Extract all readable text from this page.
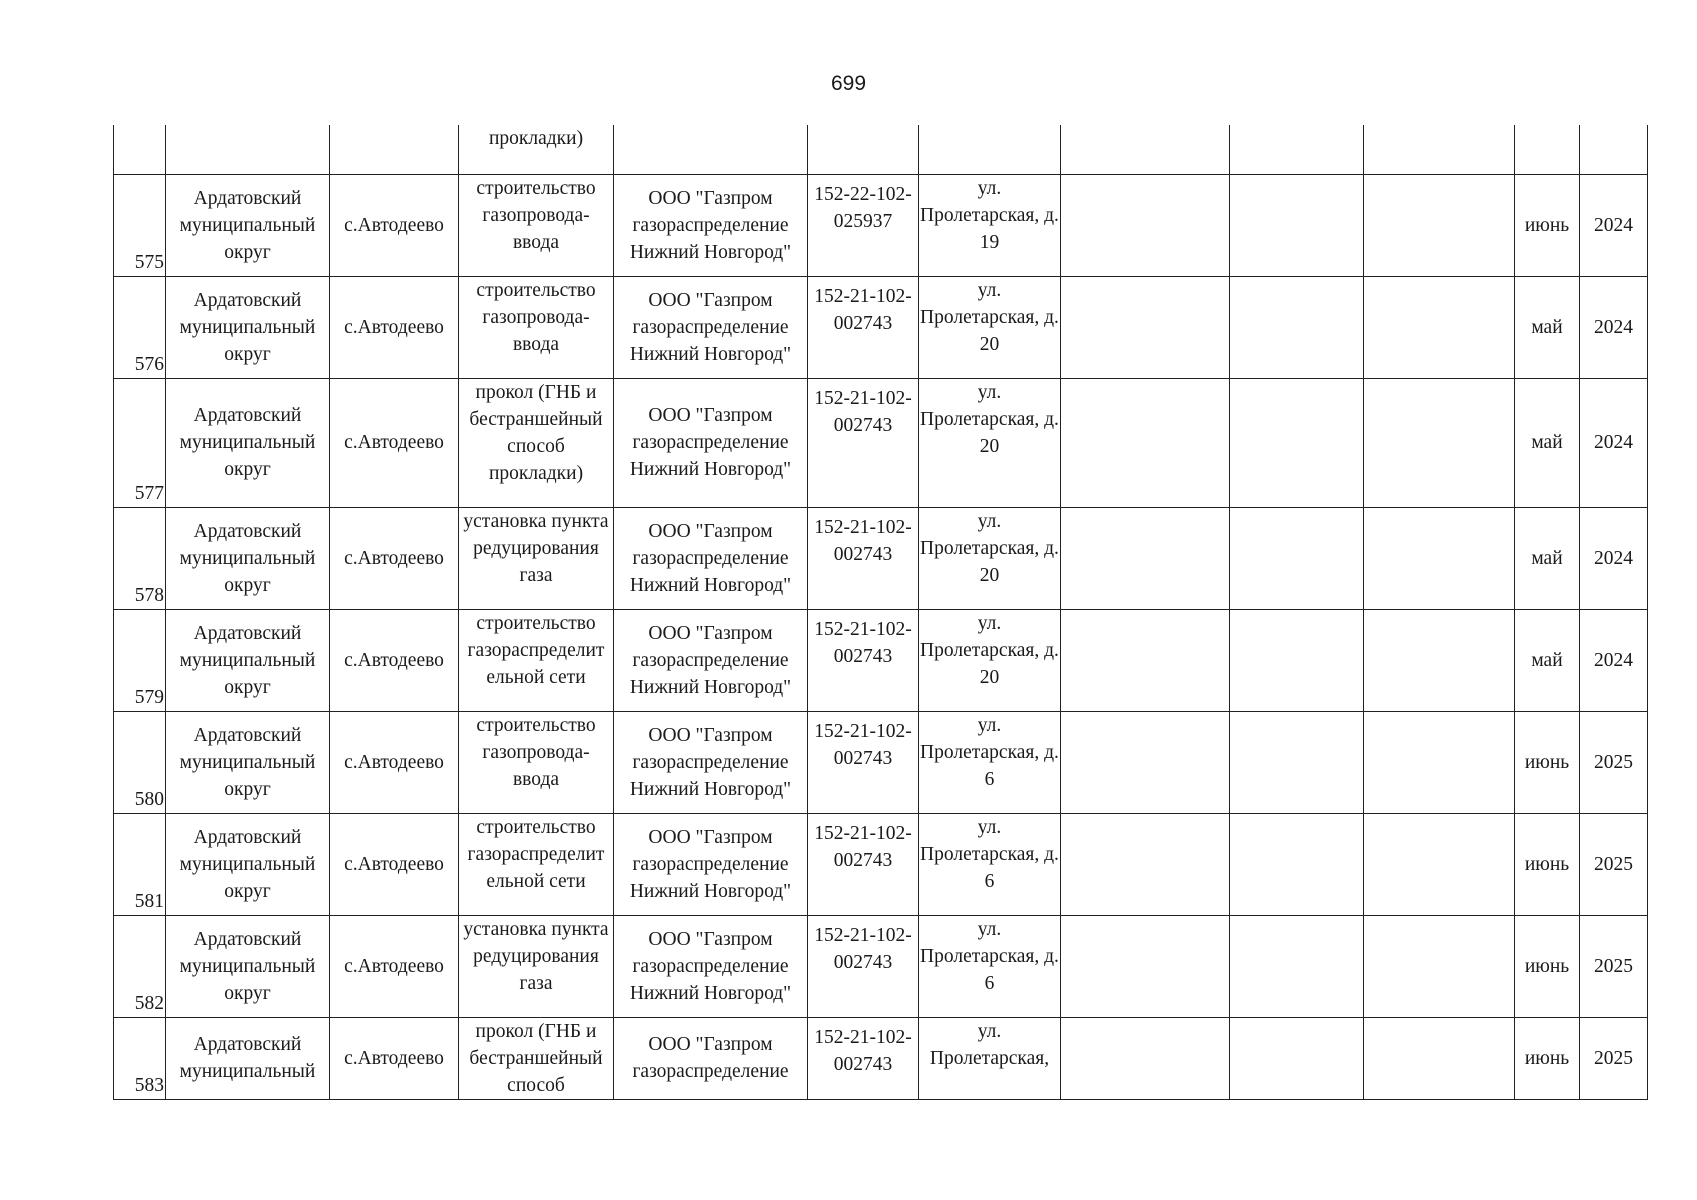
699
			прокладки)								
575	Ардатовский муниципальный округ	с.Автодеево	строительство
газопровода-
ввода	ООО "Газпром газораспределение Нижний Новгород"	152-22-102-
025937	ул. Пролетарская, д. 19				июнь	2024
576	Ардатовский муниципальный округ	с.Автодеево	строительство
газопровода-
ввода	ООО "Газпром газораспределение Нижний Новгород"	152-21-102-
002743	ул. Пролетарская, д. 20				май	2024
577	Ардатовский муниципальный округ	с.Автодеево	прокол (ГНБ и
бестраншейный
способ
прокладки)	ООО "Газпром газораспределение Нижний Новгород"	152-21-102-
002743	ул. Пролетарская, д. 20				май	2024
578	Ардатовский муниципальный округ	с.Автодеево	установка пункта
редуцирования
газа	ООО "Газпром газораспределение Нижний Новгород"	152-21-102-
002743	ул. Пролетарская, д. 20				май	2024
579	Ардатовский муниципальный округ	с.Автодеево	строительство
газораспределит
ельной сети	ООО "Газпром газораспределение Нижний Новгород"	152-21-102-
002743	ул. Пролетарская, д. 20				май	2024
580	Ардатовский муниципальный округ	с.Автодеево	строительство
газопровода-
ввода	ООО "Газпром газораспределение Нижний Новгород"	152-21-102-
002743	ул. Пролетарская, д. 6				июнь	2025
581	Ардатовский муниципальный округ	с.Автодеево	строительство
газораспределит
ельной сети	ООО "Газпром газораспределение Нижний Новгород"	152-21-102-
002743	ул. Пролетарская, д. 6				июнь	2025
582	Ардатовский муниципальный округ	с.Автодеево	установка пункта
редуцирования
газа	ООО "Газпром газораспределение Нижний Новгород"	152-21-102-
002743	ул. Пролетарская, д. 6				июнь	2025
583	Ардатовский муниципальный	с.Автодеево	прокол (ГНБ и
бестраншейный
способ	ООО "Газпром газораспределение	152-21-102-
002743	ул. Пролетарская,				июнь	2025
